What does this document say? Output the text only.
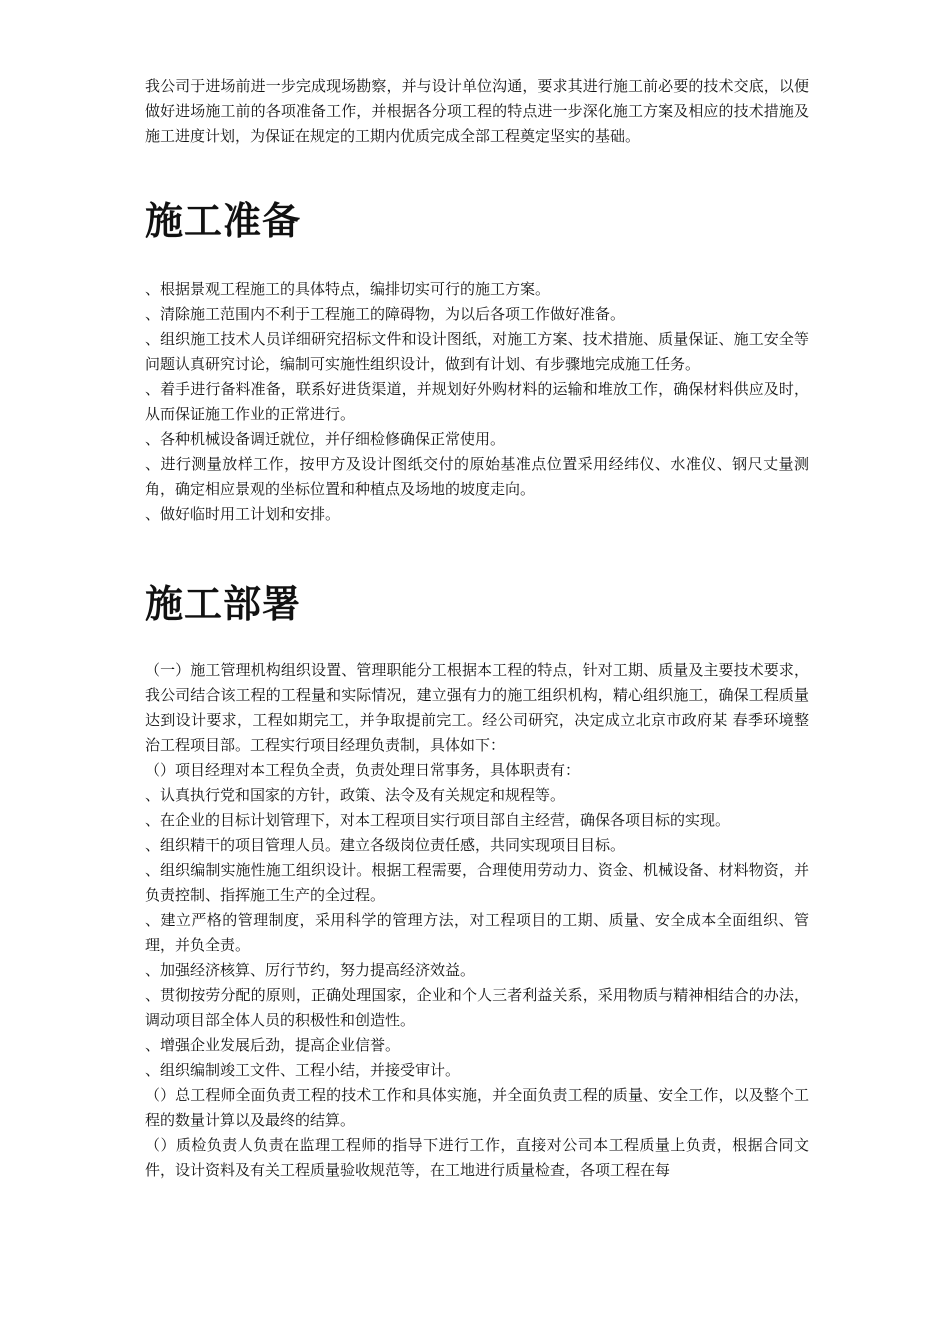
我公司于进场前进一步完成现场勘察，并与设计单位沟通，要求其进行施工前必要的技术交底，以便做好进场施工前的各项准备工作，并根据各分项工程的特点进一步深化施工方案及相应的技术措施及施工进度计划，为保证在规定的工期内优质完成全部工程奠定坚实的基础。

施工准备

、根据景观工程施工的具体特点，编排切实可行的施工方案。

、清除施工范围内不利于工程施工的障碍物，为以后各项工作做好准备。

、组织施工技术人员详细研究招标文件和设计图纸，对施工方案、技术措施、质量保证、施工安全等问题认真研究讨论，编制可实施性组织设计，做到有计划、有步骤地完成施工任务。

、着手进行备料准备，联系好进货渠道，并规划好外购材料的运输和堆放工作，确保材料供应及时，从而保证施工作业的正常进行。

、各种机械设备调迁就位，并仔细检修确保正常使用。

、进行测量放样工作，按甲方及设计图纸交付的原始基准点位置采用经纬仪、水准仪、钢尺丈量测角，确定相应景观的坐标位置和种植点及场地的坡度走向。

、做好临时用工计划和安排。

施工部署

（一）施工管理机构组织设置、管理职能分工根据本工程的特点，针对工期、质量及主要技术要求，我公司结合该工程的工程量和实际情况，建立强有力的施工组织机构，精心组织施工，确保工程质量达到设计要求，工程如期完工，并争取提前完工。经公司研究，决定成立北京市政府某 春季环境整治工程项目部。工程实行项目经理负责制，具体如下：

（）项目经理对本工程负全责，负责处理日常事务，具体职责有：

、认真执行党和国家的方针，政策、法令及有关规定和规程等。

、在企业的目标计划管理下，对本工程项目实行项目部自主经营，确保各项目标的实现。

、组织精干的项目管理人员。建立各级岗位责任感，共同实现项目目标。

、组织编制实施性施工组织设计。根据工程需要，合理使用劳动力、资金、机械设备、材料物资，并负责控制、指挥施工生产的全过程。

、建立严格的管理制度，采用科学的管理方法，对工程项目的工期、质量、安全成本全面组织、管理，并负全责。

、加强经济核算、厉行节约，努力提高经济效益。

、贯彻按劳分配的原则，正确处理国家，企业和个人三者利益关系，采用物质与精神相结合的办法，调动项目部全体人员的积极性和创造性。

、增强企业发展后劲，提高企业信誉。

、组织编制竣工文件、工程小结，并接受审计。

（）总工程师全面负责工程的技术工作和具体实施，并全面负责工程的质量、安全工作，以及整个工程的数量计算以及最终的结算。

（）质检负责人负责在监理工程师的指导下进行工作，直接对公司本工程质量上负责，根据合同文件，设计资料及有关工程质量验收规范等，在工地进行质量检查，各项工程在每
